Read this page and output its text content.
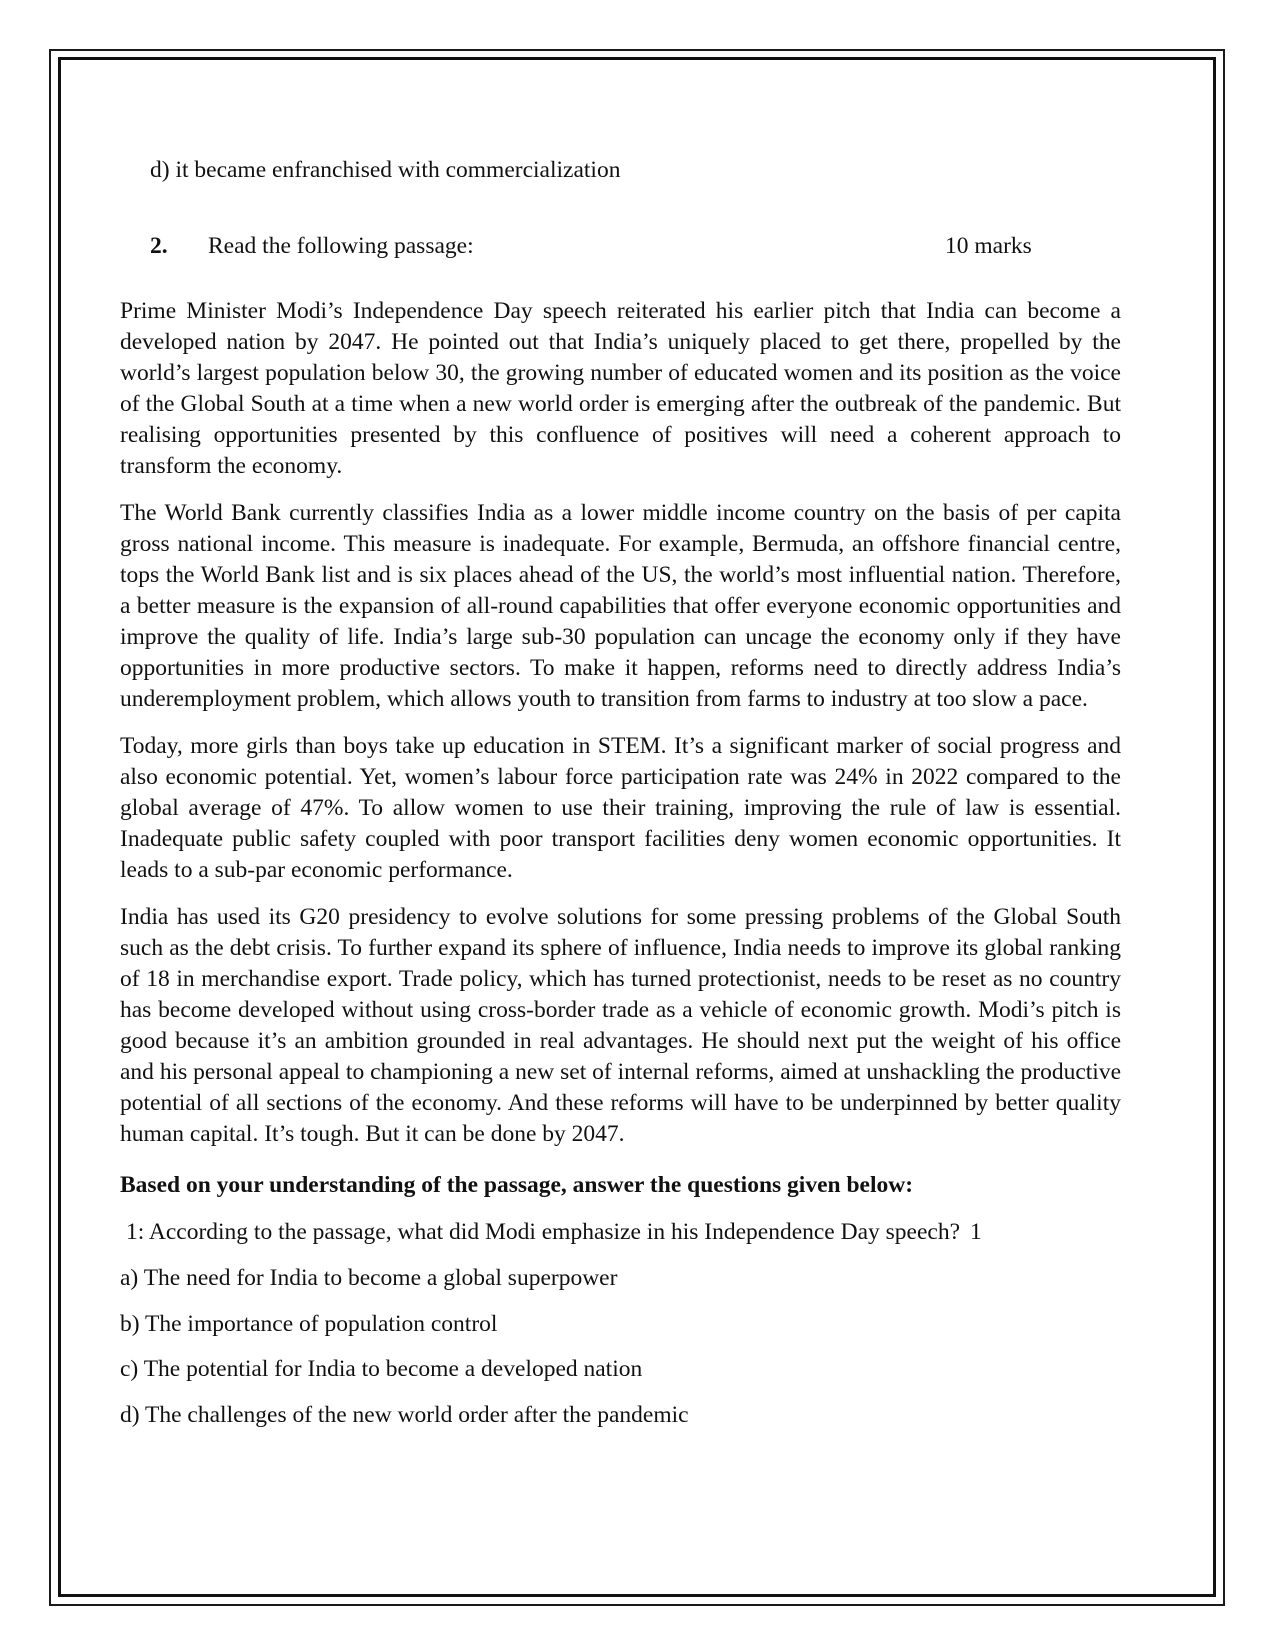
d) it became enfranchised with commercialization
2. Read the following passage:	10 marks

Prime Minister Modi’s Independence Day speech reiterated his earlier pitch that India can become a developed nation by 2047. He pointed out that India’s uniquely placed to get there, propelled by the world’s largest population below 30, the growing number of educated women and its position as the voice of the Global South at a time when a new world order is emerging after the outbreak of the pandemic. But realising opportunities presented by this confluence of positives will need a coherent approach to transform the economy.

The World Bank currently classifies India as a lower middle income country on the basis of per capita gross national income. This measure is inadequate. For example, Bermuda, an offshore financial centre, tops the World Bank list and is six places ahead of the US, the world’s most influential nation. Therefore, a better measure is the expansion of all-round capabilities that offer everyone economic opportunities and improve the quality of life. India’s large sub-30 population can uncage the economy only if they have opportunities in more productive sectors. To make it happen, reforms need to directly address India’s underemployment problem, which allows youth to transition from farms to industry at too slow a pace.

Today, more girls than boys take up education in STEM. It’s a significant marker of social progress and also economic potential. Yet, women’s labour force participation rate was 24% in 2022 compared to the global average of 47%. To allow women to use their training, improving the rule of law is essential. Inadequate public safety coupled with poor transport facilities deny women economic opportunities. It leads to a sub-par economic performance.

India has used its G20 presidency to evolve solutions for some pressing problems of the Global South such as the debt crisis. To further expand its sphere of influence, India needs to improve its global ranking of 18 in merchandise export. Trade policy, which has turned protectionist, needs to be reset as no country has become developed without using cross-border trade as a vehicle of economic growth. Modi’s pitch is good because it’s an ambition grounded in real advantages. He should next put the weight of his office and his personal appeal to championing a new set of internal reforms, aimed at unshackling the productive potential of all sections of the economy. And these reforms will have to be underpinned by better quality human capital. It’s tough. But it can be done by 2047.

Based on your understanding of the passage, answer the questions given below:
1: According to the passage, what did Modi emphasize in his Independence Day speech? 1
a) The need for India to become a global superpower
b) The importance of population control
c) The potential for India to become a developed nation
d) The challenges of the new world order after the pandemic
